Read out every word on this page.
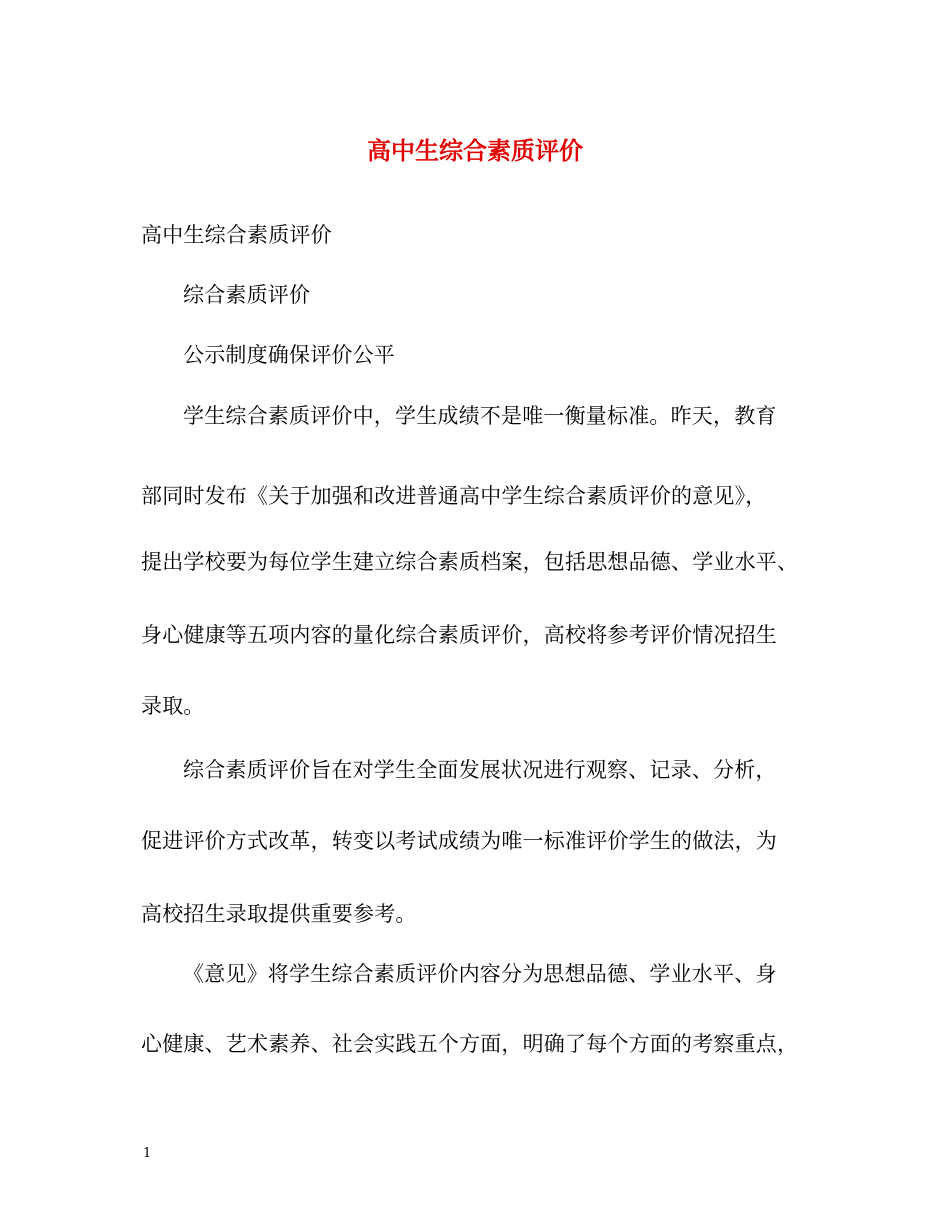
高中生综合素质评价
高中生综合素质评价
综合素质评价
公示制度确保评价公平
学生综合素质评价中，学生成绩不是唯一衡量标准。昨天，教育
部同时发布《关于加强和改进普通高中学生综合素质评价的意见》，
提出学校要为每位学生建立综合素质档案，包括思想品德、学业水平、
身心健康等五项内容的量化综合素质评价，高校将参考评价情况招生
录取。
综合素质评价旨在对学生全面发展状况进行观察、记录、分析，
促进评价方式改革，转变以考试成绩为唯一标准评价学生的做法，为
高校招生录取提供重要参考。
《意见》将学生综合素质评价内容分为思想品德、学业水平、身
心健康、艺术素养、社会实践五个方面，明确了每个方面的考察重点，
1
